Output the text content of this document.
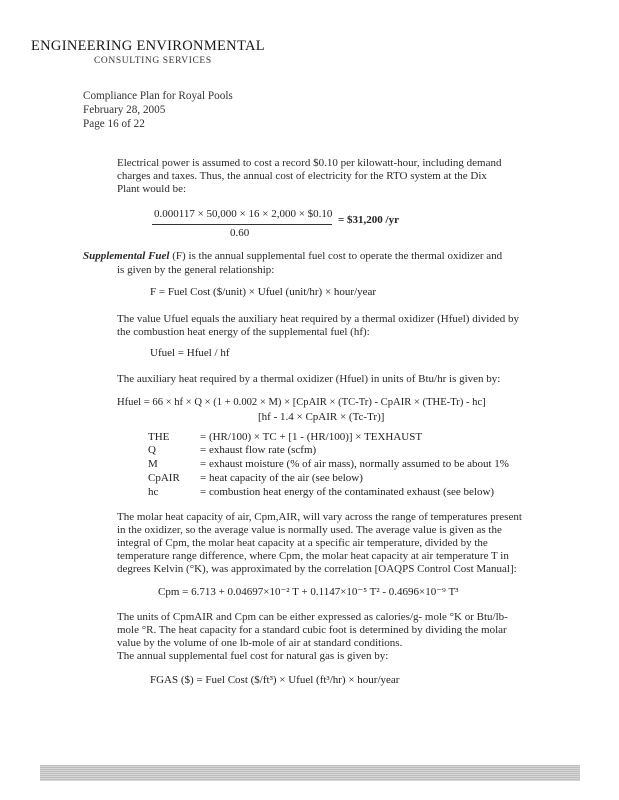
ENGINEERING ENVIRONMENTAL
CONSULTING SERVICES
Compliance Plan for Royal Pools
February 28, 2005
Page 16 of 22
Electrical power is assumed to cost a record $0.10 per kilowatt-hour, including demand
charges and taxes. Thus, the annual cost of electricity for the RTO system at the Dix
Plant would be:
0.000117 × 50,000 × 16 × 2,000 × $0.10
0.60
= $31,200 /yr
Supplemental Fuel (F) is the annual supplemental fuel cost to operate the thermal oxidizer and
is given by the general relationship:
F = Fuel Cost ($/unit) × Ufuel (unit/hr) × hour/year
The value Ufuel equals the auxiliary heat required by a thermal oxidizer (Hfuel) divided by
the combustion heat energy of the supplemental fuel (hf):
Ufuel = Hfuel / hf
The auxiliary heat required by a thermal oxidizer (Hfuel) in units of Btu/hr is given by:
Hfuel = 66 × hf × Q × (1 + 0.002 × M) × [CpAIR × (TC-Tr) - CpAIR × (THE-Tr) - hc]
[hf - 1.4 × CpAIR × (Tc-Tr)]
THE	= (HR/100) × TC + [1 - (HR/100)] × TEXHAUST
Q	= exhaust flow rate (scfm)
M	= exhaust moisture (% of air mass), normally assumed to be about 1%
CpAIR = heat capacity of the air (see below)
hc	= combustion heat energy of the contaminated exhaust (see below)
The molar heat capacity of air, Cpm,AIR, will vary across the range of temperatures present
in the oxidizer, so the average value is normally used. The average value is given as the
integral of Cpm, the molar heat capacity at a specific air temperature, divided by the
temperature range difference, where Cpm, the molar heat capacity at air temperature T in
degrees Kelvin (°K), was approximated by the correlation [OAQPS Control Cost Manual]:
Cpm = 6.713 + 0.04697×10⁻² T + 0.1147×10⁻⁵ T² - 0.4696×10⁻⁹ T³
The units of CpmAIR and Cpm can be either expressed as calories/g- mole °K or Btu/lb-
mole °R. The heat capacity for a standard cubic foot is determined by dividing the molar
value by the volume of one lb-mole of air at standard conditions.
The annual supplemental fuel cost for natural gas is given by:
FGAS ($) = Fuel Cost ($/ft³) × Ufuel (ft³/hr) × hour/year
